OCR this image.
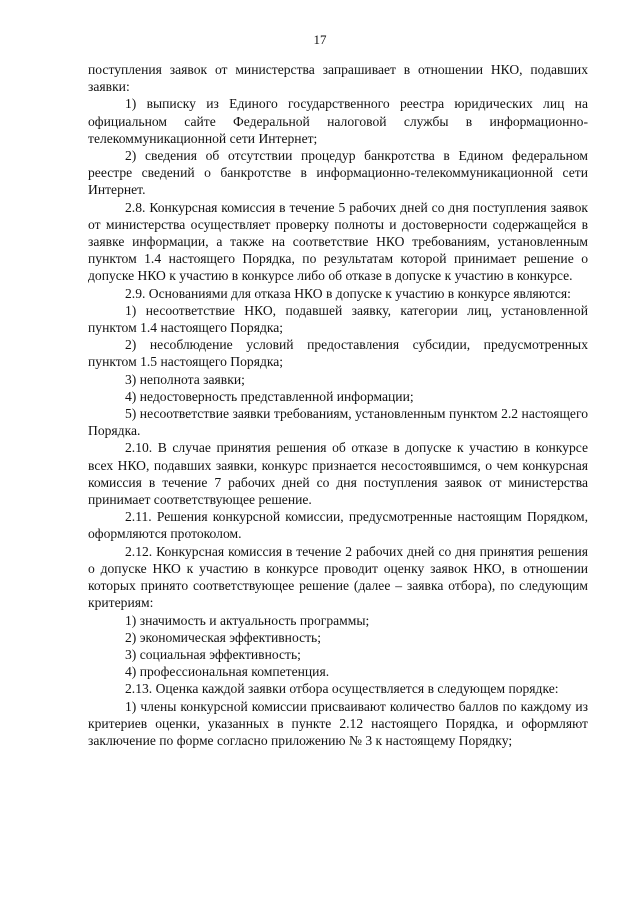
17

поступления заявок от министерства запрашивает в отношении НКО, подавших заявки:

1) выписку из Единого государственного реестра юридических лиц на официальном сайте Федеральной налоговой службы в информационно-телекоммуникационной сети Интернет;

2) сведения об отсутствии процедур банкротства в Едином федеральном реестре сведений о банкротстве в информационно-телекоммуникационной сети Интернет.

2.8. Конкурсная комиссия в течение 5 рабочих дней со дня поступления заявок от министерства осуществляет проверку полноты и достоверности содержащейся в заявке информации, а также на соответствие НКО требованиям, установленным пунктом 1.4 настоящего Порядка, по результатам которой принимает решение о допуске НКО к участию в конкурсе либо об отказе в допуске к участию в конкурсе.

2.9. Основаниями для отказа НКО в допуске к участию в конкурсе являются:

1) несоответствие НКО, подавшей заявку, категории лиц, установленной пунктом 1.4 настоящего Порядка;

2) несоблюдение условий предоставления субсидии, предусмотренных пунктом 1.5 настоящего Порядка;

3) неполнота заявки;

4) недостоверность представленной информации;

5) несоответствие заявки требованиям, установленным пунктом 2.2 настоящего Порядка.

2.10. В случае принятия решения об отказе в допуске к участию в конкурсе всех НКО, подавших заявки, конкурс признается несостоявшимся, о чем конкурсная комиссия в течение 7 рабочих дней со дня поступления заявок от министерства принимает соответствующее решение.

2.11. Решения конкурсной комиссии, предусмотренные настоящим Порядком, оформляются протоколом.

2.12. Конкурсная комиссия в течение 2 рабочих дней со дня принятия решения о допуске НКО к участию в конкурсе проводит оценку заявок НКО, в отношении которых принято соответствующее решение (далее – заявка отбора), по следующим критериям:

1) значимость и актуальность программы;

2) экономическая эффективность;

3) социальная эффективность;

4) профессиональная компетенция.

2.13. Оценка каждой заявки отбора осуществляется в следующем порядке:

1) члены конкурсной комиссии присваивают количество баллов по каждому из критериев оценки, указанных в пункте 2.12 настоящего Порядка, и оформляют заключение по форме согласно приложению № 3 к настоящему Порядку;
